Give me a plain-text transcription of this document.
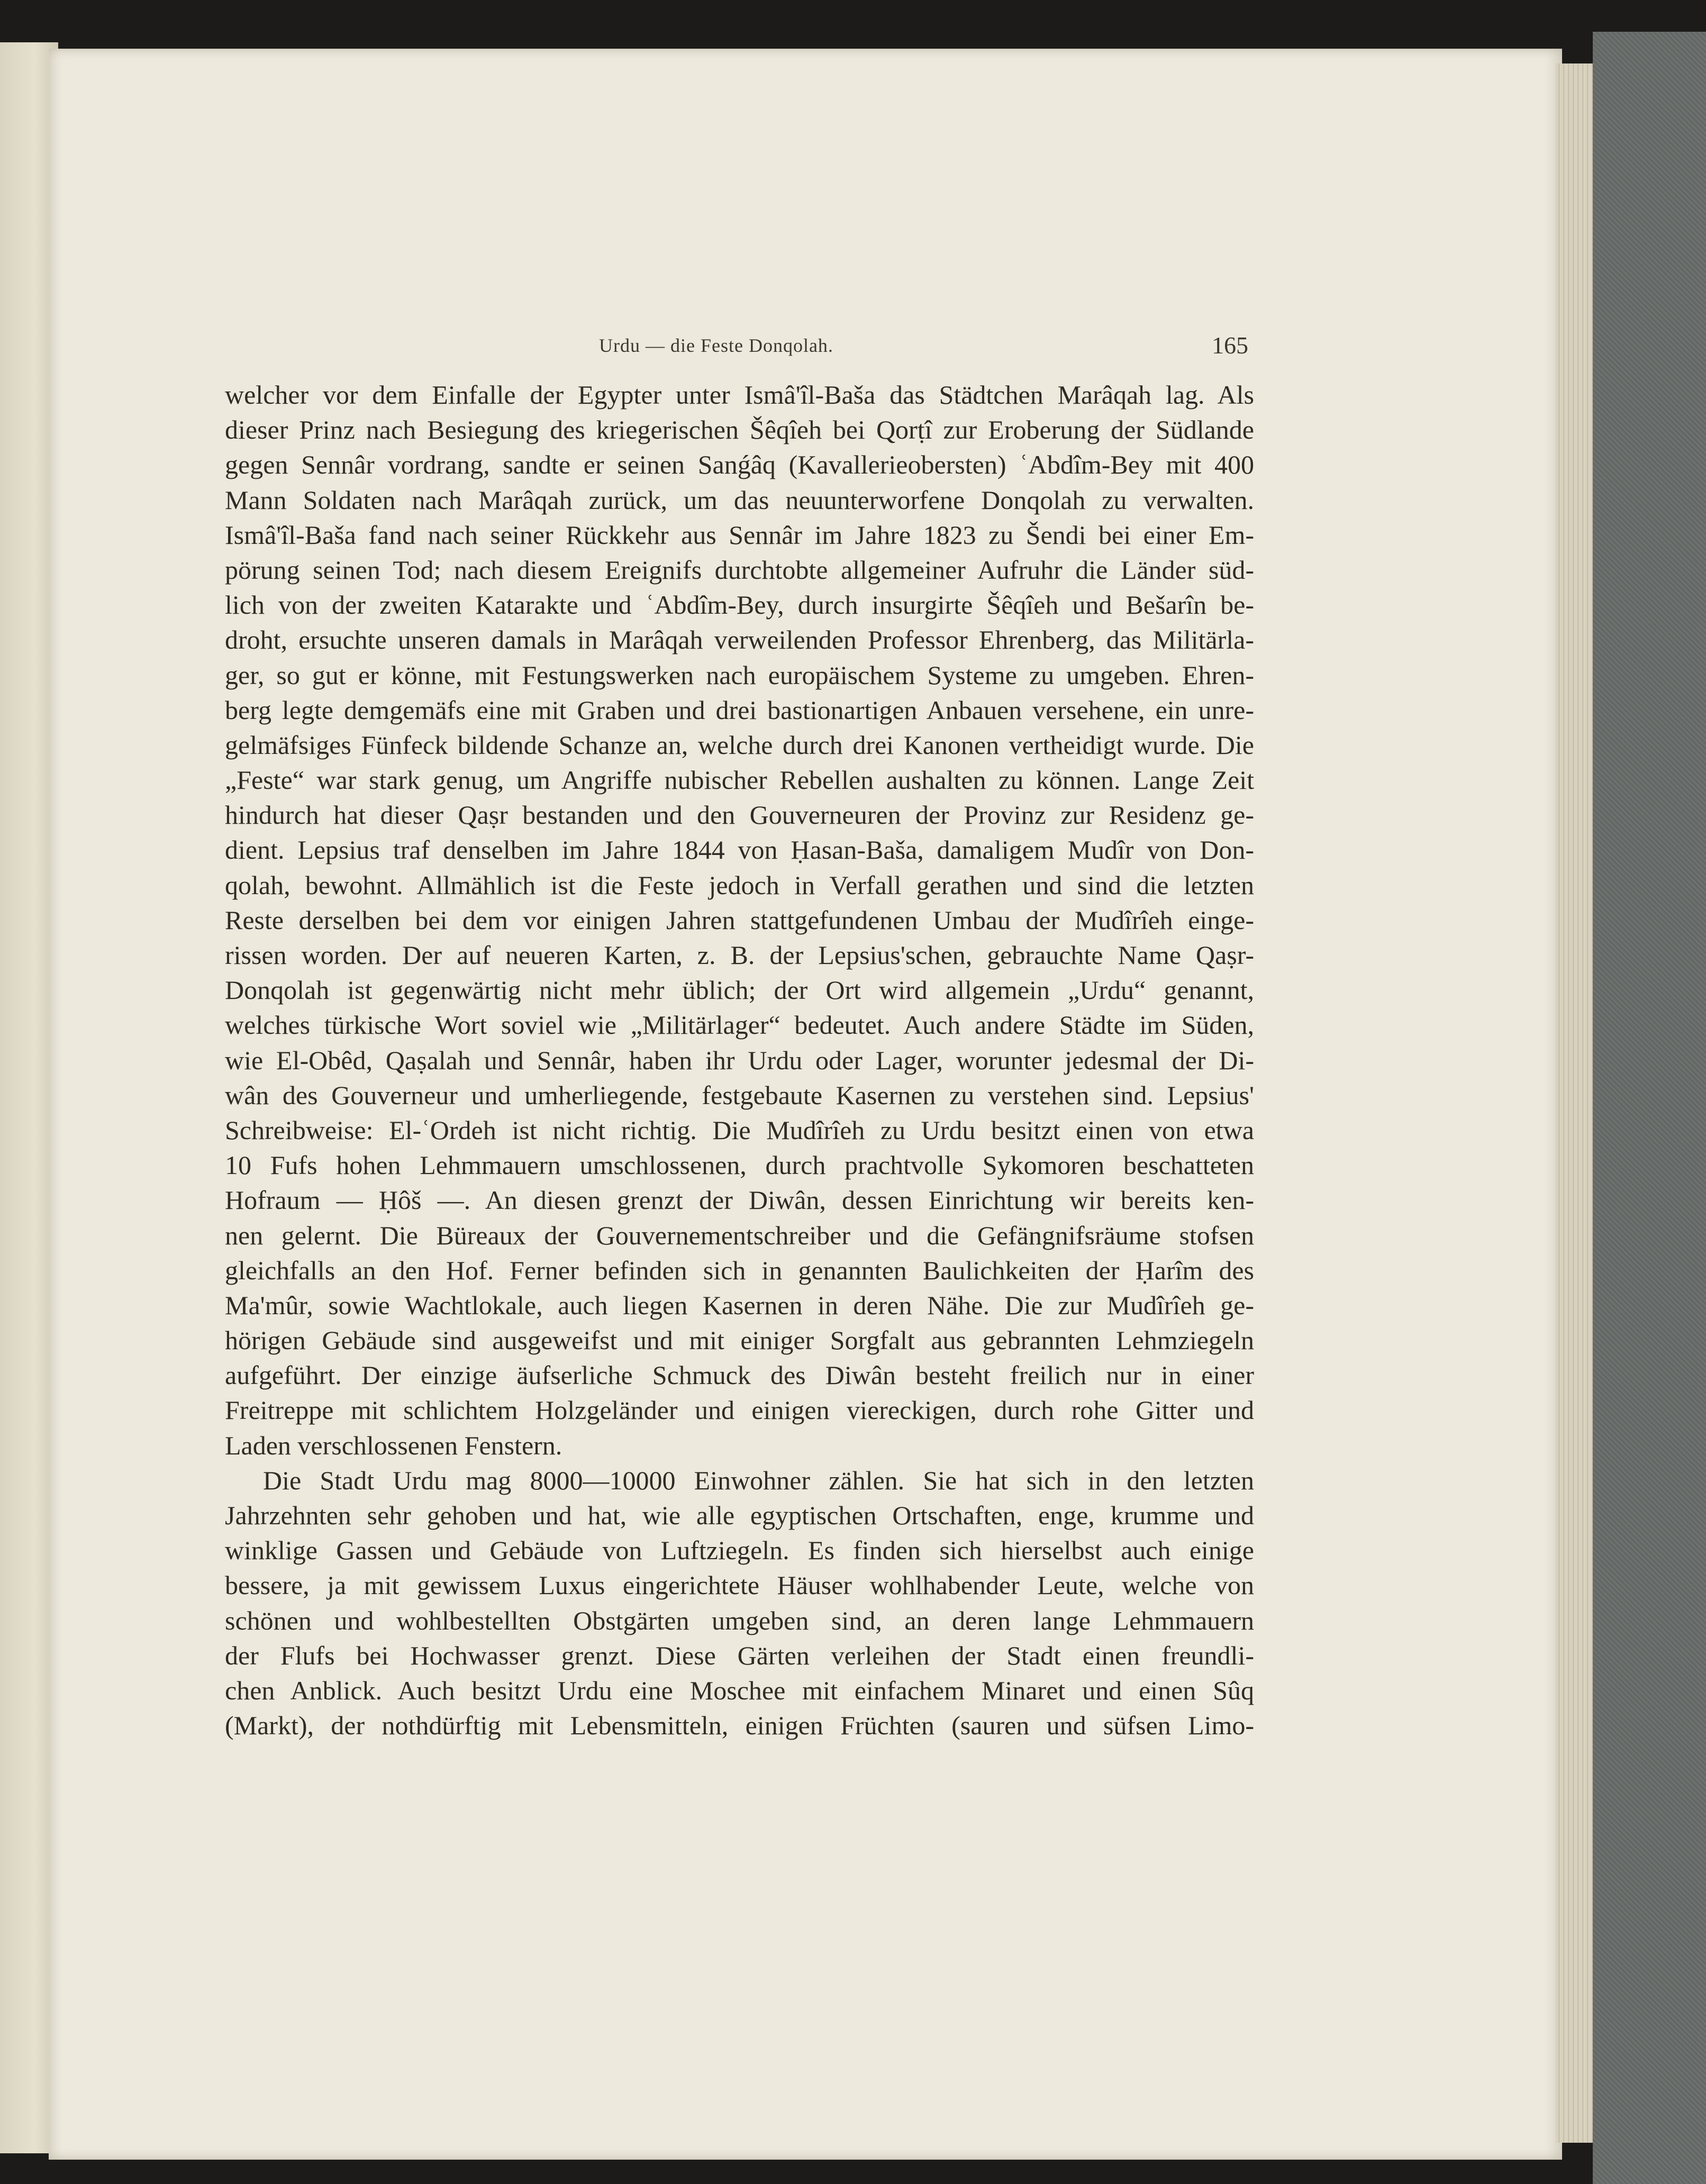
Urdu — die Feste Donqolah.	165
welcher vor dem Einfalle der Egypter unter Ismâ'îl-Baša das Städtchen Marâqah lag. Als
dieser Prinz nach Besiegung des kriegerischen Šêqîeh bei Qorṭî zur Eroberung der Südlande
gegen Sennâr vordrang, sandte er seinen Sanǵâq (Kavallerieobersten) ʿAbdîm-Bey mit 400
Mann Soldaten nach Marâqah zurück, um das neuunterworfene Donqolah zu verwalten.
Ismâ'îl-Baša fand nach seiner Rückkehr aus Sennâr im Jahre 1823 zu Šendi bei einer Em-
pörung seinen Tod; nach diesem Ereignifs durchtobte allgemeiner Aufruhr die Länder süd-
lich von der zweiten Katarakte und ʿAbdîm-Bey, durch insurgirte Šêqîeh und Bešarîn be-
droht, ersuchte unseren damals in Marâqah verweilenden Professor Ehrenberg, das Militärla-
ger, so gut er könne, mit Festungswerken nach europäischem Systeme zu umgeben. Ehren-
berg legte demgemäfs eine mit Graben und drei bastionartigen Anbauen versehene, ein unre-
gelmäfsiges Fünfeck bildende Schanze an, welche durch drei Kanonen vertheidigt wurde. Die
„Feste“ war stark genug, um Angriffe nubischer Rebellen aushalten zu können. Lange Zeit
hindurch hat dieser Qaṣr bestanden und den Gouverneuren der Provinz zur Residenz ge-
dient. Lepsius traf denselben im Jahre 1844 von Ḥasan-Baša, damaligem Mudîr von Don-
qolah, bewohnt. Allmählich ist die Feste jedoch in Verfall gerathen und sind die letzten
Reste derselben bei dem vor einigen Jahren stattgefundenen Umbau der Mudîrîeh einge-
rissen worden. Der auf neueren Karten, z. B. der Lepsius'schen, gebrauchte Name Qaṣr-
Donqolah ist gegenwärtig nicht mehr üblich; der Ort wird allgemein „Urdu“ genannt,
welches türkische Wort soviel wie „Militärlager“ bedeutet. Auch andere Städte im Süden,
wie El-Obêd, Qaṣalah und Sennâr, haben ihr Urdu oder Lager, worunter jedesmal der Di-
wân des Gouverneur und umherliegende, festgebaute Kasernen zu verstehen sind. Lepsius'
Schreibweise: El-ʿOrdeh ist nicht richtig. Die Mudîrîeh zu Urdu besitzt einen von etwa
10 Fufs hohen Lehmmauern umschlossenen, durch prachtvolle Sykomoren beschatteten
Hofraum — Ḥôš —. An diesen grenzt der Diwân, dessen Einrichtung wir bereits ken-
nen gelernt. Die Büreaux der Gouvernementschreiber und die Gefängnifsräume stofsen
gleichfalls an den Hof. Ferner befinden sich in genannten Baulichkeiten der Ḥarîm des
Ma'mûr, sowie Wachtlokale, auch liegen Kasernen in deren Nähe. Die zur Mudîrîeh ge-
hörigen Gebäude sind ausgeweifst und mit einiger Sorgfalt aus gebrannten Lehmziegeln
aufgeführt. Der einzige äufserliche Schmuck des Diwân besteht freilich nur in einer
Freitreppe mit schlichtem Holzgeländer und einigen viereckigen, durch rohe Gitter und
Laden verschlossenen Fenstern.
Die Stadt Urdu mag 8000—10000 Einwohner zählen. Sie hat sich in den letzten
Jahrzehnten sehr gehoben und hat, wie alle egyptischen Ortschaften, enge, krumme und
winklige Gassen und Gebäude von Luftziegeln. Es finden sich hierselbst auch einige
bessere, ja mit gewissem Luxus eingerichtete Häuser wohlhabender Leute, welche von
schönen und wohlbestellten Obstgärten umgeben sind, an deren lange Lehmmauern
der Flufs bei Hochwasser grenzt. Diese Gärten verleihen der Stadt einen freundli-
chen Anblick. Auch besitzt Urdu eine Moschee mit einfachem Minaret und einen Sûq
(Markt), der nothdürftig mit Lebensmitteln, einigen Früchten (sauren und süfsen Limo-
